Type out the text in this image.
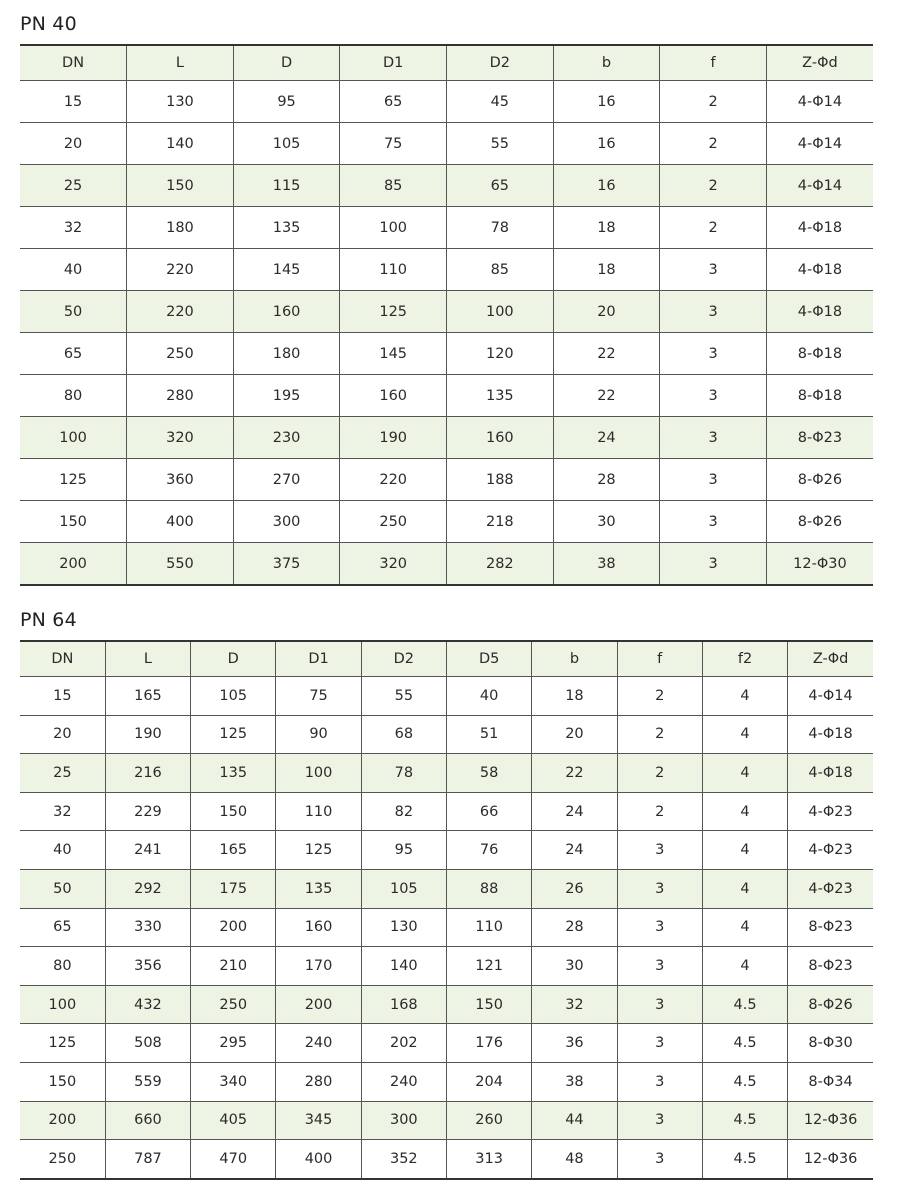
PN 40
DN	L	D	D1	D2	b	f	Z-Φd
15	130	95	65	45	16	2	4-Φ14
20	140	105	75	55	16	2	4-Φ14
25	150	115	85	65	16	2	4-Φ14
32	180	135	100	78	18	2	4-Φ18
40	220	145	110	85	18	3	4-Φ18
50	220	160	125	100	20	3	4-Φ18
65	250	180	145	120	22	3	8-Φ18
80	280	195	160	135	22	3	8-Φ18
100	320	230	190	160	24	3	8-Φ23
125	360	270	220	188	28	3	8-Φ26
150	400	300	250	218	30	3	8-Φ26
200	550	375	320	282	38	3	12-Φ30
PN 64
DN	L	D	D1	D2	D5	b	f	f2	Z-Φd
15	165	105	75	55	40	18	2	4	4-Φ14
20	190	125	90	68	51	20	2	4	4-Φ18
25	216	135	100	78	58	22	2	4	4-Φ18
32	229	150	110	82	66	24	2	4	4-Φ23
40	241	165	125	95	76	24	3	4	4-Φ23
50	292	175	135	105	88	26	3	4	4-Φ23
65	330	200	160	130	110	28	3	4	8-Φ23
80	356	210	170	140	121	30	3	4	8-Φ23
100	432	250	200	168	150	32	3	4.5	8-Φ26
125	508	295	240	202	176	36	3	4.5	8-Φ30
150	559	340	280	240	204	38	3	4.5	8-Φ34
200	660	405	345	300	260	44	3	4.5	12-Φ36
250	787	470	400	352	313	48	3	4.5	12-Φ36
